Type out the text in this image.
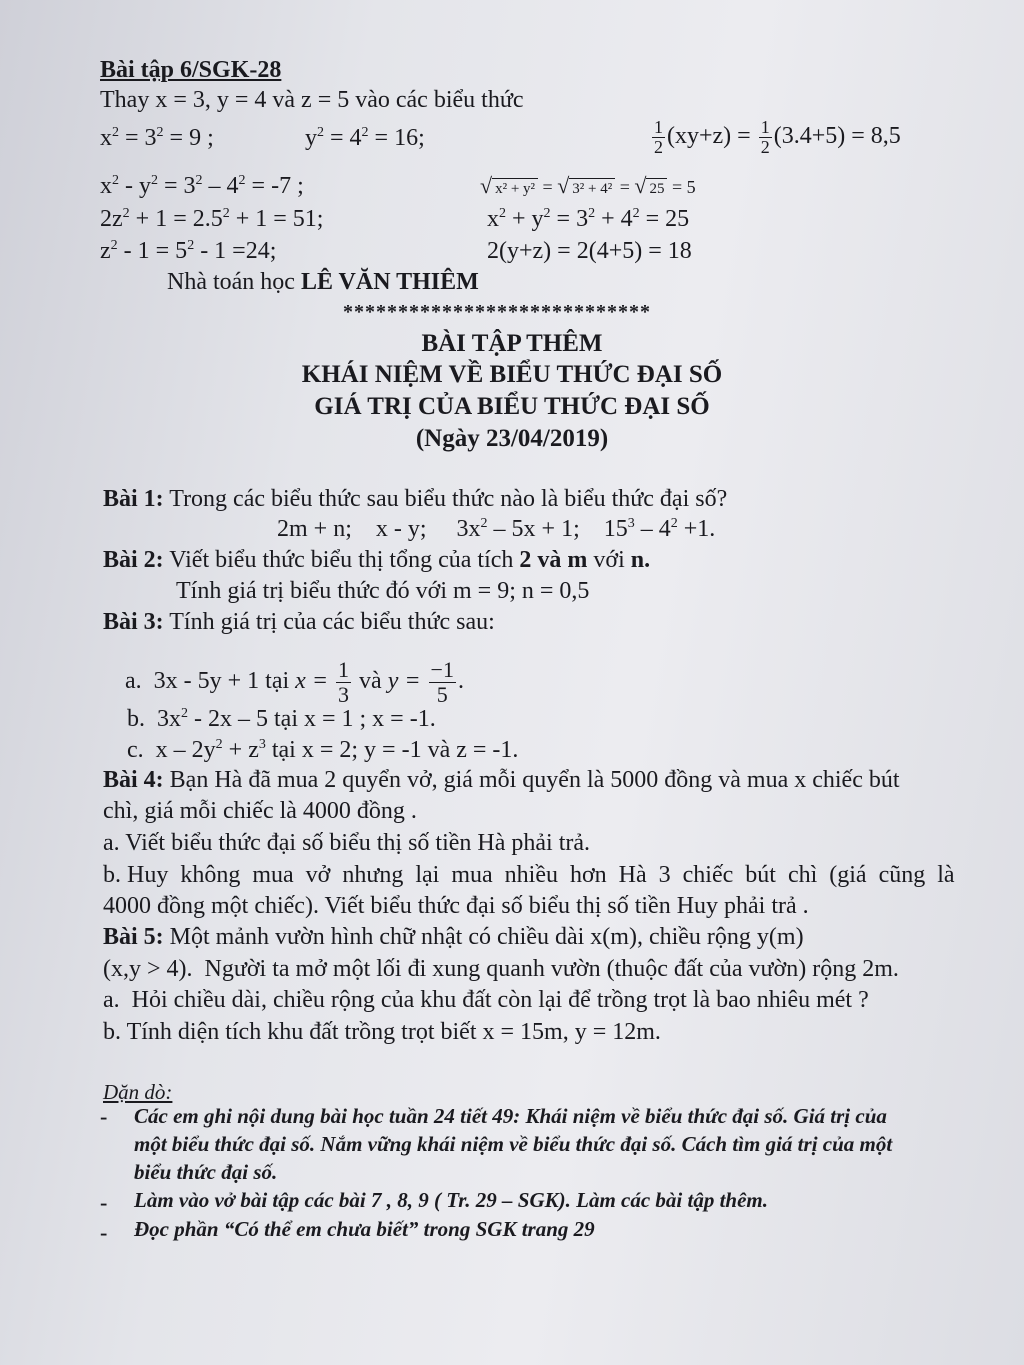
Bài tập 6/SGK-28
Thay x = 3, y = 4 và z = 5 vào các biểu thức
$x^2 = 3^2 = 9$ ;	$y^2 = 4^2 = 16$;	$\frac{1}{2} (xy+z) = \frac{1}{2} (3.4+5) = 8,5$
$x^2 - y^2 = 3^2 - 4^2 = -7$ ;	√ x² + y² = √ 3² + 4² = √ 25 = 5
$2z^2 + 1 = 2.5^2 + 1 = 51$;	$x^2 + y^2 = 3^2 + 4^2 = 25$
$z^2 - 1 = 5^2 - 1 =24$;	2(y+z) = 2(4+5) = 18
Nhà toán học LÊ VĂN THIÊM
****************************
BÀI TẬP THÊM
KHÁI NIỆM VỀ BIỂU THỨC ĐẠI SỐ
GIÁ TRỊ CỦA BIỂU THỨC ĐẠI SỐ
(Ngày 23/04/2019)
Bài 1: Trong các biểu thức sau biểu thức nào là biểu thức đại số?
2m + n;    x - y;     $3x^2 - 5x + 1$;    $15^3 - 4^2 +1$.
Bài 2: Viết biểu thức biểu thị tổng của tích 2 và m với n.
Tính giá trị biểu thức đó với m = 9; n = 0,5
Bài 3: Tính giá trị của các biểu thức sau:
a.  3x - 5y + 1 tại $x = \frac{1}{3}$ và $y = \frac{-1}{5}$ .
b.  $3x^2 - 2x - 5$ tại x = 1 ; x = -1.
c.  $x - 2y^2 + z^3$ tại x = 2; y = -1 và z = -1.
Bài 4: Bạn Hà đã mua 2 quyển vở, giá mỗi quyển là 5000 đồng và mua x chiếc bút
chì, giá mỗi chiếc là 4000 đồng .
a. Viết biểu thức đại số biểu thị số tiền Hà phải trả.
b. Huy  không  mua  vở  nhưng  lại  mua  nhiều  hơn  Hà  3  chiếc  bút  chì  (giá  cũng  là
4000 đồng một chiếc). Viết biểu thức đại số biểu thị số tiền Huy phải trả .
Bài 5: Một mảnh vườn hình chữ nhật có chiều dài x(m), chiều rộng y(m)
(x,y > 4).  Người ta mở một lối đi xung quanh vườn (thuộc đất của vườn) rộng 2m.
a.  Hỏi chiều dài, chiều rộng của khu đất còn lại để trồng trọt là bao nhiêu mét ?
b. Tính diện tích khu đất trồng trọt biết x = 15m, y = 12m.
Dặn dò:
- Các em ghi nội dung bài học tuần 24 tiết 49: Khái niệm về biểu thức đại số. Giá trị của
một biểu thức đại số. Nắm vững khái niệm về biểu thức đại số. Cách tìm giá trị của một
biểu thức đại số.
- Làm vào vở bài tập các bài 7 , 8, 9 ( Tr. 29 – SGK). Làm các bài tập thêm.
- Đọc phần “Có thể em chưa biết” trong SGK trang 29
